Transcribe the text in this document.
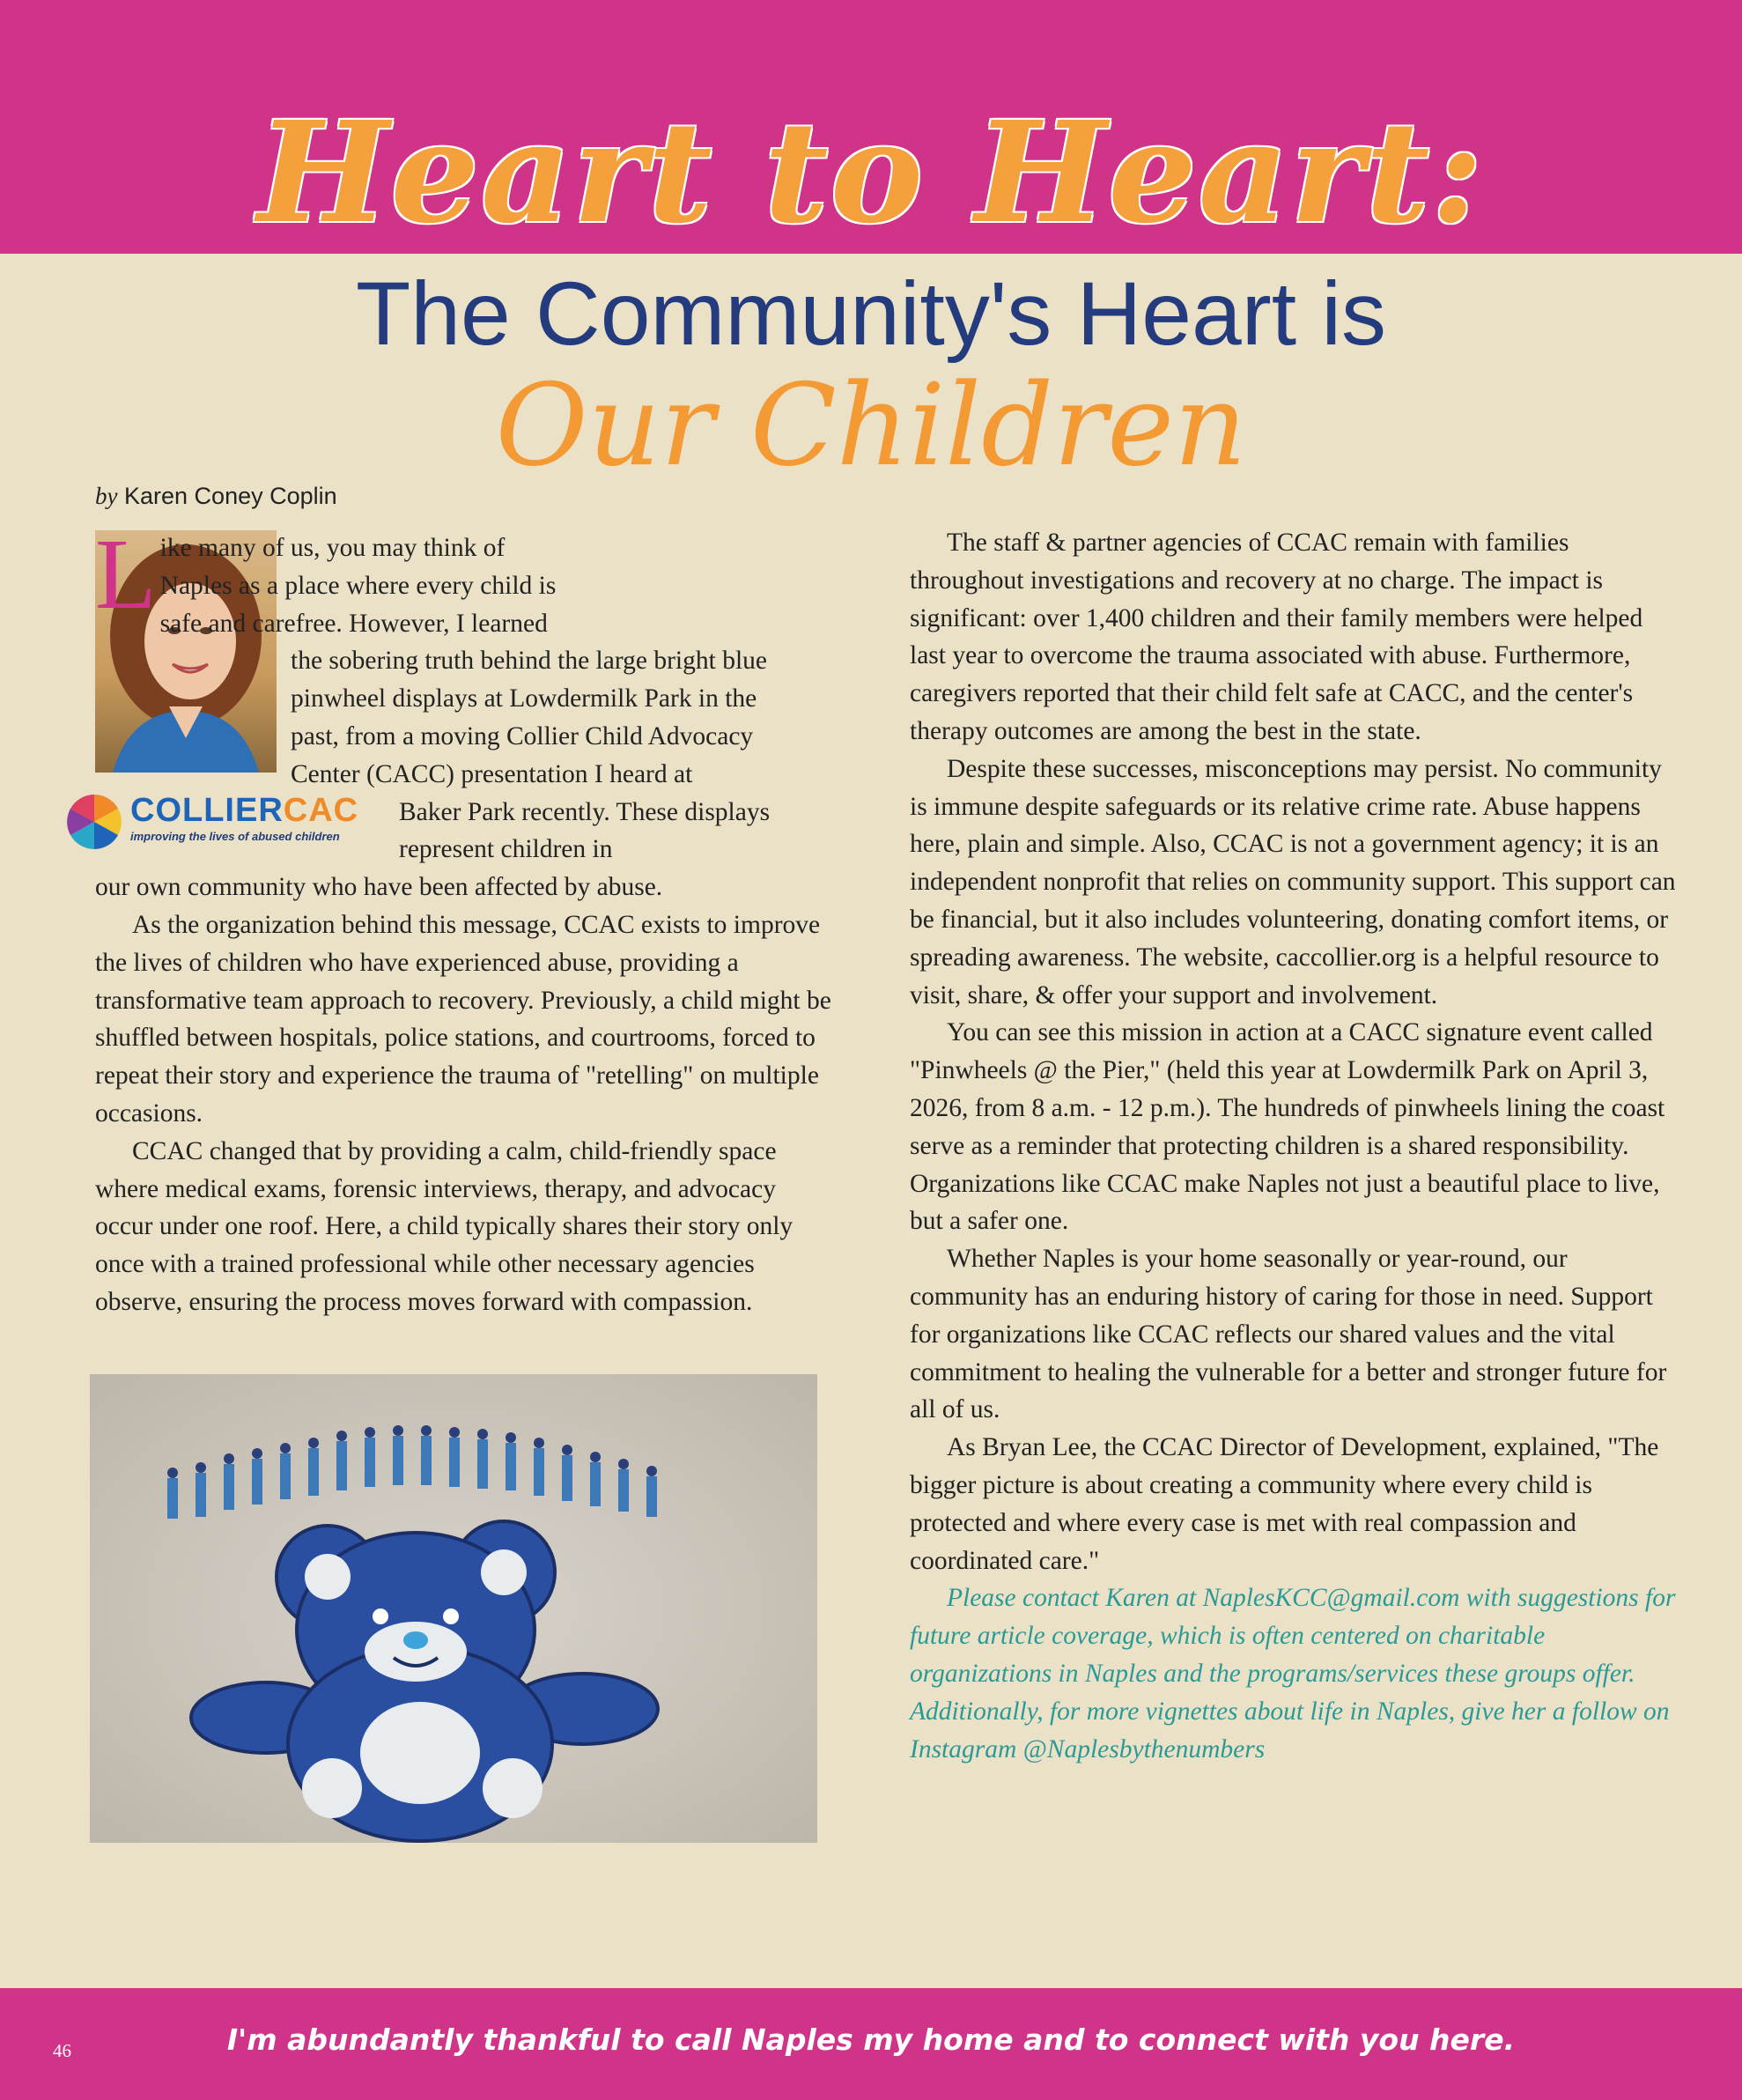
Heart to Heart:
The Community's Heart is
Our Children
by Karen Coney Coplin
COLLIERCAC
improving the lives of abused children

L ike many of us, you may think of
Naples as a place where every child is
safe and carefree. However, I learned
the sobering truth behind the large bright blue
pinwheel displays at Lowdermilk Park in the
past, from a moving Collier Child Advocacy
Center (CACC) presentation I heard at
Baker Park recently. These displays
represent children in
our own community who have been affected by abuse.

As the organization behind this message, CCAC exists to improve the lives of children who have experienced abuse, providing a transformative team approach to recovery. Previously, a child might be shuffled between hospitals, police stations, and courtrooms, forced to repeat their story and experience the trauma of "retelling" on multiple occasions.

CCAC changed that by providing a calm, child-friendly space where medical exams, forensic interviews, therapy, and advocacy occur under one roof. Here, a child typically shares their story only once with a trained professional while other necessary agencies observe, ensuring the process moves forward with compassion.

The staff & partner agencies of CCAC remain with families throughout investigations and recovery at no charge. The impact is significant: over 1,400 children and their family members were helped last year to overcome the trauma associated with abuse. Furthermore, caregivers reported that their child felt safe at CACC, and the center's therapy outcomes are among the best in the state.

Despite these successes, misconceptions may persist. No community is immune despite safeguards or its relative crime rate. Abuse happens here, plain and simple. Also, CCAC is not a government agency; it is an independent nonprofit that relies on community support. This support can be financial, but it also includes volunteering, donating comfort items, or spreading awareness. The website, caccollier.org is a helpful resource to visit, share, & offer your support and involvement.

You can see this mission in action at a CACC signature event called "Pinwheels @ the Pier," (held this year at Lowdermilk Park on April 3, 2026, from 8 a.m. - 12 p.m.). The hundreds of pinwheels lining the coast serve as a reminder that protecting children is a shared responsibility. Organizations like CCAC make Naples not just a beautiful place to live, but a safer one.

Whether Naples is your home seasonally or year-round, our community has an enduring history of caring for those in need. Support for organizations like CCAC reflects our shared values and the vital commitment to healing the vulnerable for a better and stronger future for all of us.

As Bryan Lee, the CCAC Director of Development, explained, "The bigger picture is about creating a community where every child is protected and where every case is met with real compassion and coordinated care."

Please contact Karen at NaplesKCC@gmail.com with suggestions for future article coverage, which is often centered on charitable organizations in Naples and the programs/services these groups offer. Additionally, for more vignettes about life in Naples, give her a follow on Instagram @Naplesbythenumbers

46	I'm abundantly thankful to call Naples my home and to connect with you here.
